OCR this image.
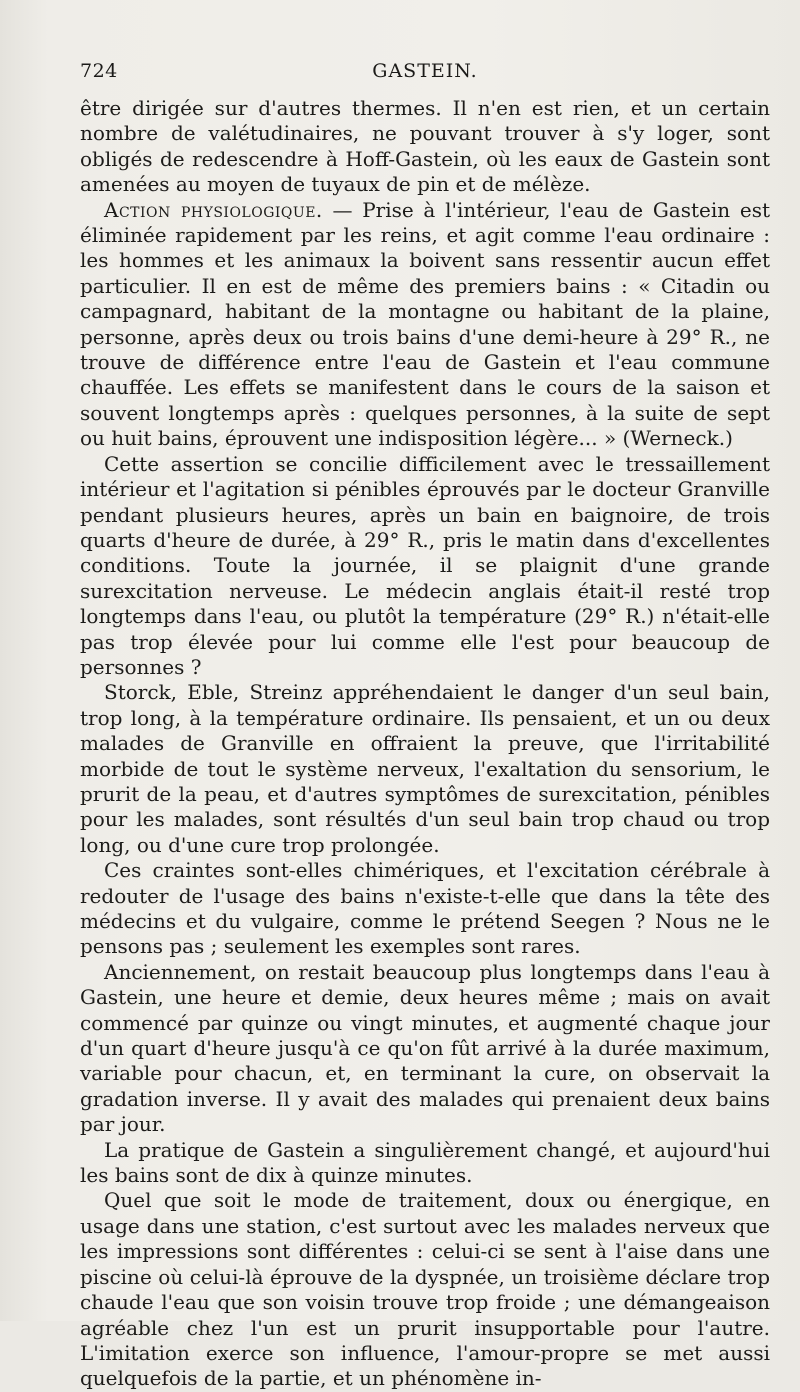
724	GASTEIN.

être dirigée sur d'autres thermes. Il n'en est rien, et un certain nombre de valétudinaires, ne pouvant trouver à s'y loger, sont obligés de redescendre à Hoff-Gastein, où les eaux de Gastein sont amenées au moyen de tuyaux de pin et de mélèze.

Action physiologique. — Prise à l'intérieur, l'eau de Gastein est éliminée rapidement par les reins, et agit comme l'eau ordinaire : les hommes et les animaux la boivent sans ressentir aucun effet particulier. Il en est de même des premiers bains : « Citadin ou campagnard, habitant de la montagne ou habitant de la plaine, personne, après deux ou trois bains d'une demi-heure à 29° R., ne trouve de différence entre l'eau de Gastein et l'eau commune chauffée. Les effets se manifestent dans le cours de la saison et souvent longtemps après : quelques personnes, à la suite de sept ou huit bains, éprouvent une indisposition légère... » (Werneck.)

Cette assertion se concilie difficilement avec le tressaillement intérieur et l'agitation si pénibles éprouvés par le docteur Granville pendant plusieurs heures, après un bain en baignoire, de trois quarts d'heure de durée, à 29° R., pris le matin dans d'excellentes conditions. Toute la journée, il se plaignit d'une grande surexcitation nerveuse. Le médecin anglais était-il resté trop longtemps dans l'eau, ou plutôt la température (29° R.) n'était-elle pas trop élevée pour lui comme elle l'est pour beaucoup de personnes ?

Storck, Eble, Streinz appréhendaient le danger d'un seul bain, trop long, à la température ordinaire. Ils pensaient, et un ou deux malades de Granville en offraient la preuve, que l'irritabilité morbide de tout le système nerveux, l'exaltation du sensorium, le prurit de la peau, et d'autres symptômes de surexcitation, pénibles pour les malades, sont résultés d'un seul bain trop chaud ou trop long, ou d'une cure trop prolongée.

Ces craintes sont-elles chimériques, et l'excitation cérébrale à redouter de l'usage des bains n'existe-t-elle que dans la tête des médecins et du vulgaire, comme le prétend Seegen ? Nous ne le pensons pas ; seulement les exemples sont rares.

Anciennement, on restait beaucoup plus longtemps dans l'eau à Gastein, une heure et demie, deux heures même ; mais on avait commencé par quinze ou vingt minutes, et augmenté chaque jour d'un quart d'heure jusqu'à ce qu'on fût arrivé à la durée maximum, variable pour chacun, et, en terminant la cure, on observait la gradation inverse. Il y avait des malades qui prenaient deux bains par jour.

La pratique de Gastein a singulièrement changé, et aujourd'hui les bains sont de dix à quinze minutes.

Quel que soit le mode de traitement, doux ou énergique, en usage dans une station, c'est surtout avec les malades nerveux que les impressions sont différentes : celui-ci se sent à l'aise dans une piscine où celui-là éprouve de la dyspnée, un troisième déclare trop chaude l'eau que son voisin trouve trop froide ; une démangeaison agréable chez l'un est un prurit insupportable pour l'autre. L'imitation exerce son influence, l'amour-propre se met aussi quelquefois de la partie, et un phénomène in-
